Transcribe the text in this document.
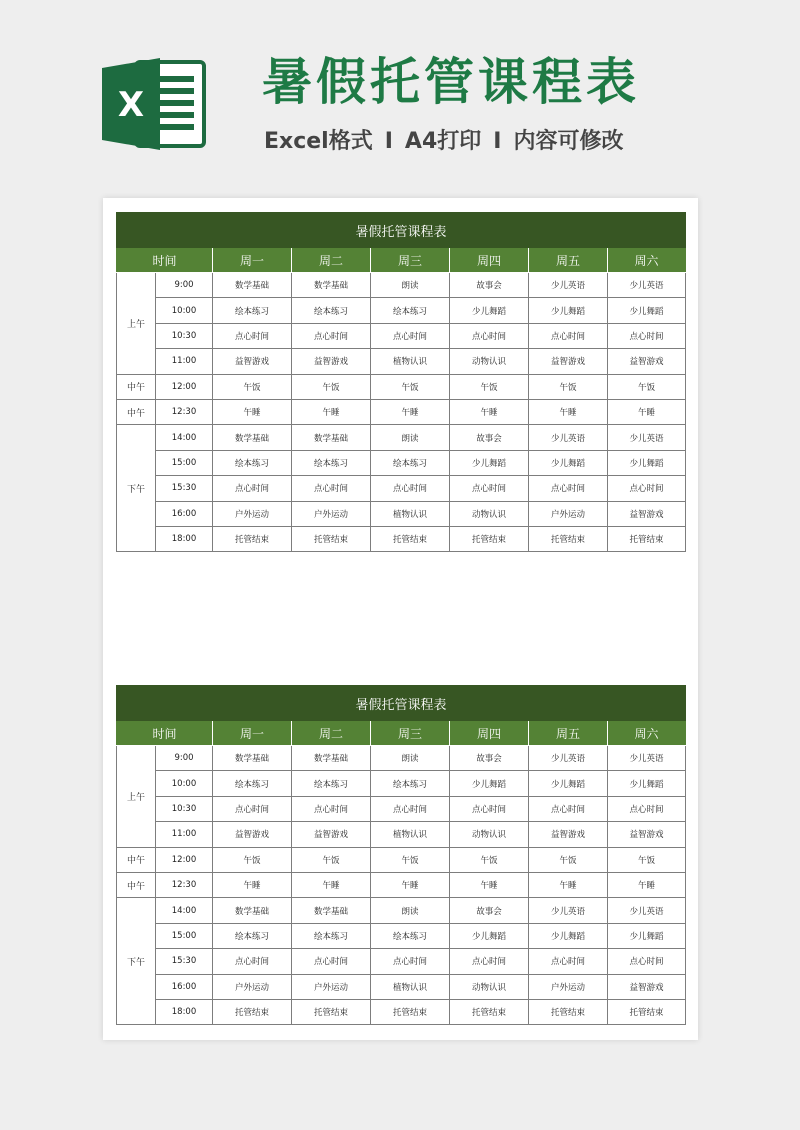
X 暑假托管课程表
Excel格式 I A4打印 I 内容可修改
暑假托管课程表							
时间		周一	周二	周三	周四	周五	周六
上午	9:00	数学基础	数学基础	朗读	故事会	少儿英语	少儿英语
	10:00	绘本练习	绘本练习	绘本练习	少儿舞蹈	少儿舞蹈	少儿舞蹈
	10:30	点心时间	点心时间	点心时间	点心时间	点心时间	点心时间
	11:00	益智游戏	益智游戏	植物认识	动物认识	益智游戏	益智游戏
中午	12:00	午饭	午饭	午饭	午饭	午饭	午饭
中午	12:30	午睡	午睡	午睡	午睡	午睡	午睡
下午	14:00	数学基础	数学基础	朗读	故事会	少儿英语	少儿英语
	15:00	绘本练习	绘本练习	绘本练习	少儿舞蹈	少儿舞蹈	少儿舞蹈
	15:30	点心时间	点心时间	点心时间	点心时间	点心时间	点心时间
	16:00	户外运动	户外运动	植物认识	动物认识	户外运动	益智游戏
	18:00	托管结束	托管结束	托管结束	托管结束	托管结束	托管结束
暑假托管课程表							
时间		周一	周二	周三	周四	周五	周六
上午	9:00	数学基础	数学基础	朗读	故事会	少儿英语	少儿英语
	10:00	绘本练习	绘本练习	绘本练习	少儿舞蹈	少儿舞蹈	少儿舞蹈
	10:30	点心时间	点心时间	点心时间	点心时间	点心时间	点心时间
	11:00	益智游戏	益智游戏	植物认识	动物认识	益智游戏	益智游戏
中午	12:00	午饭	午饭	午饭	午饭	午饭	午饭
中午	12:30	午睡	午睡	午睡	午睡	午睡	午睡
下午	14:00	数学基础	数学基础	朗读	故事会	少儿英语	少儿英语
	15:00	绘本练习	绘本练习	绘本练习	少儿舞蹈	少儿舞蹈	少儿舞蹈
	15:30	点心时间	点心时间	点心时间	点心时间	点心时间	点心时间
	16:00	户外运动	户外运动	植物认识	动物认识	户外运动	益智游戏
	18:00	托管结束	托管结束	托管结束	托管结束	托管结束	托管结束
